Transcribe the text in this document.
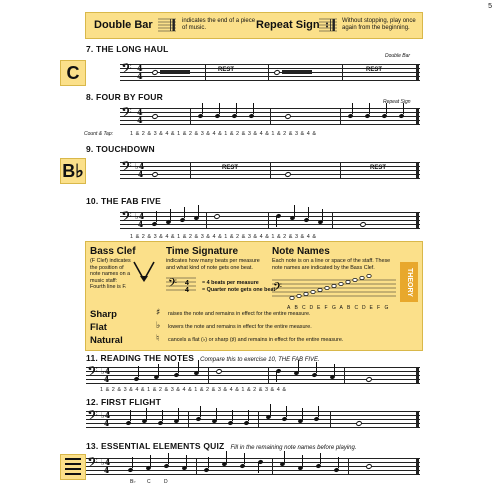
5
Double Bar	indicates the end of a piece of music.	Repeat Sign	Without stopping, play once again from the beginning.
7. THE LONG HAUL
Double Bar
C	𝄢 4
4
REST	REST
8. FOUR BY FOUR	Repeat Sign
𝄢 4
4
Count & Tap:	1 & 2 & 3 & 4 & 1 & 2 & 3 & 4 & 1 & 2 & 3 & 4 & 1 & 2 & 3 & 4 &
9. TOUCHDOWN
B♭ 𝄢 ♭4
4
REST	REST
10. THE FAB FIVE
𝄢 ♭4
4
1 & 2 & 3 & 4 & 1 & 2 & 3 & 4 & 1 & 2 & 3 & 4 & 1 & 2 & 3 & 4 &
Bass Clef
(F Clef) indicates the position of note names on a music staff: Fourth line is F.
Time Signature
indicates how many beats per measure and what kind of note gets one beat.
𝄢 4
4
= 4 beats per measure
= Quarter note gets one beat
Note Names
Each note is on a line or space of the staff. These note names are indicated by the Bass Clef.
𝄢
A B C D E F G A B C D E F G
THEORY
Sharp	♯ raises the note and remains in effect for the entire measure.
Flat	♭ lowers the note and remains in effect for the entire measure.
Natural	♮ cancels a flat (♭) or sharp (♯) and remains in effect for the entire measure.
11. READING THE NOTES Compare this to exercise 10, THE FAB FIVE.
𝄢 ♭4
4
1 & 2 & 3 & 4 & 1 & 2 & 3 & 4 & 1 & 2 & 3 & 4 & 1 & 2 & 3 & 4 &
12. FIRST FLIGHT
𝄢 ♭4
4
13. ESSENTIAL ELEMENTS QUIZ Fill in the remaining note names before playing.
𝄢 ♭4
4
B♭ C	D
